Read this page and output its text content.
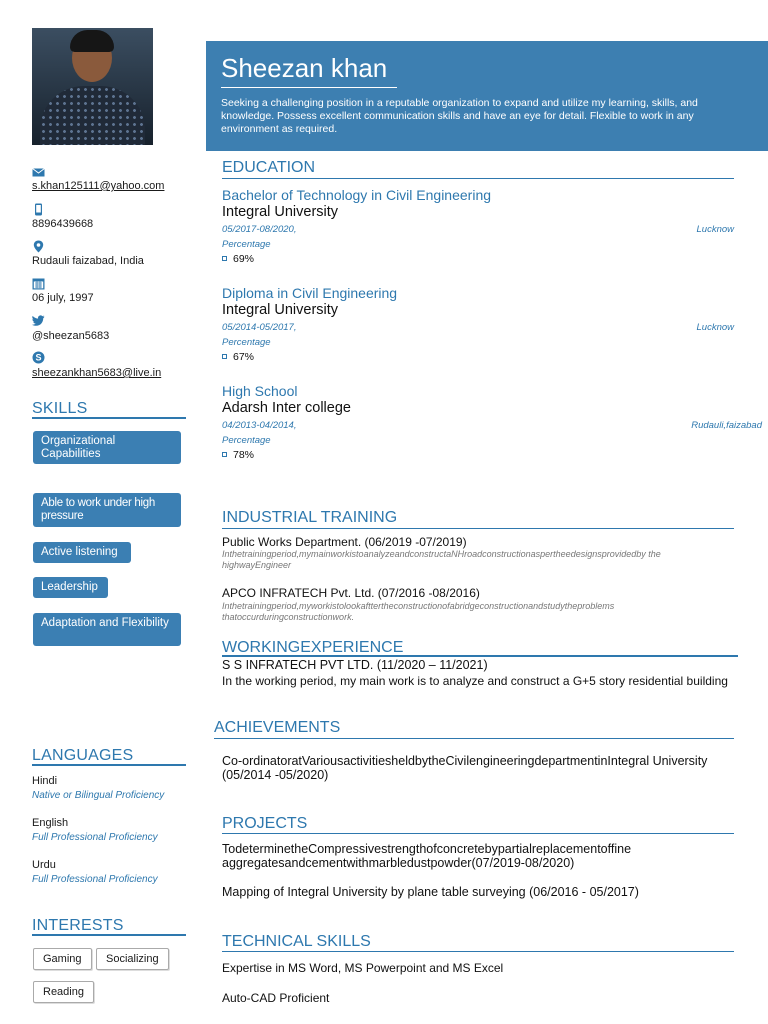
s.khan125111@yahoo.com
8896439668
Rudauli faizabad, India
06 july, 1997
@sheezan5683
S
sheezankhan5683@live.in
SKILLS
Organizational Capabilities
Able to work under high pressure
Active listening
Leadership
Adaptation and Flexibility
LANGUAGES
Hindi
Native or Bilingual Proficiency
English
Full Professional Proficiency
Urdu
Full Professional Proficiency
INTERESTS
Gaming	Socializing
Reading
Sheezan khan
Seeking a challenging position in a reputable organization to expand and utilize my learning, skills, and knowledge. Possess excellent communication skills and have an eye for detail. Flexible to work in any environment as required.
EDUCATION
Bachelor of Technology in Civil Engineering
Integral University
05/2017-08/2020,	Lucknow
Percentage
69%
Diploma in Civil Engineering
Integral University
05/2014-05/2017,	Lucknow
Percentage
67%
High School
Adarsh Inter college
04/2013-04/2014,	Rudauli,faizabad
Percentage
78%
INDUSTRIAL TRAINING
Public Works Department. (06/2019 -07/2019)
Inthetrainingperiod,mymainworkistoanalyzeandconstructaNHroadconstructionaspertheedesignsprovidedby the highwayEngineer
APCO INFRATECH Pvt. Ltd. (07/2016 -08/2016)
Inthetrainingperiod,myworkistolookafttertheconstructionofabridgeconstructionandstudytheproblems thatoccurduringconstructionwork.
WORKINGEXPERIENCE
S S INFRATECH PVT LTD. (11/2020 – 11/2021)
In the working period, my main work is to analyze and construct a G+5 story residential building
ACHIEVEMENTS
Co-ordinatoratVariousactivitiesheldbytheCivilengineeringdepartmentinIntegral University (05/2014 -05/2020)
PROJECTS
TodeterminetheCompressivestrengthofconcretebypartialreplacementoffine aggregatesandcementwithmarbledustpowder(07/2019-08/2020)
Mapping of Integral University by plane table surveying (06/2016 - 05/2017)
TECHNICAL SKILLS
Expertise in MS Word, MS Powerpoint and MS Excel
Auto-CAD Proficient
